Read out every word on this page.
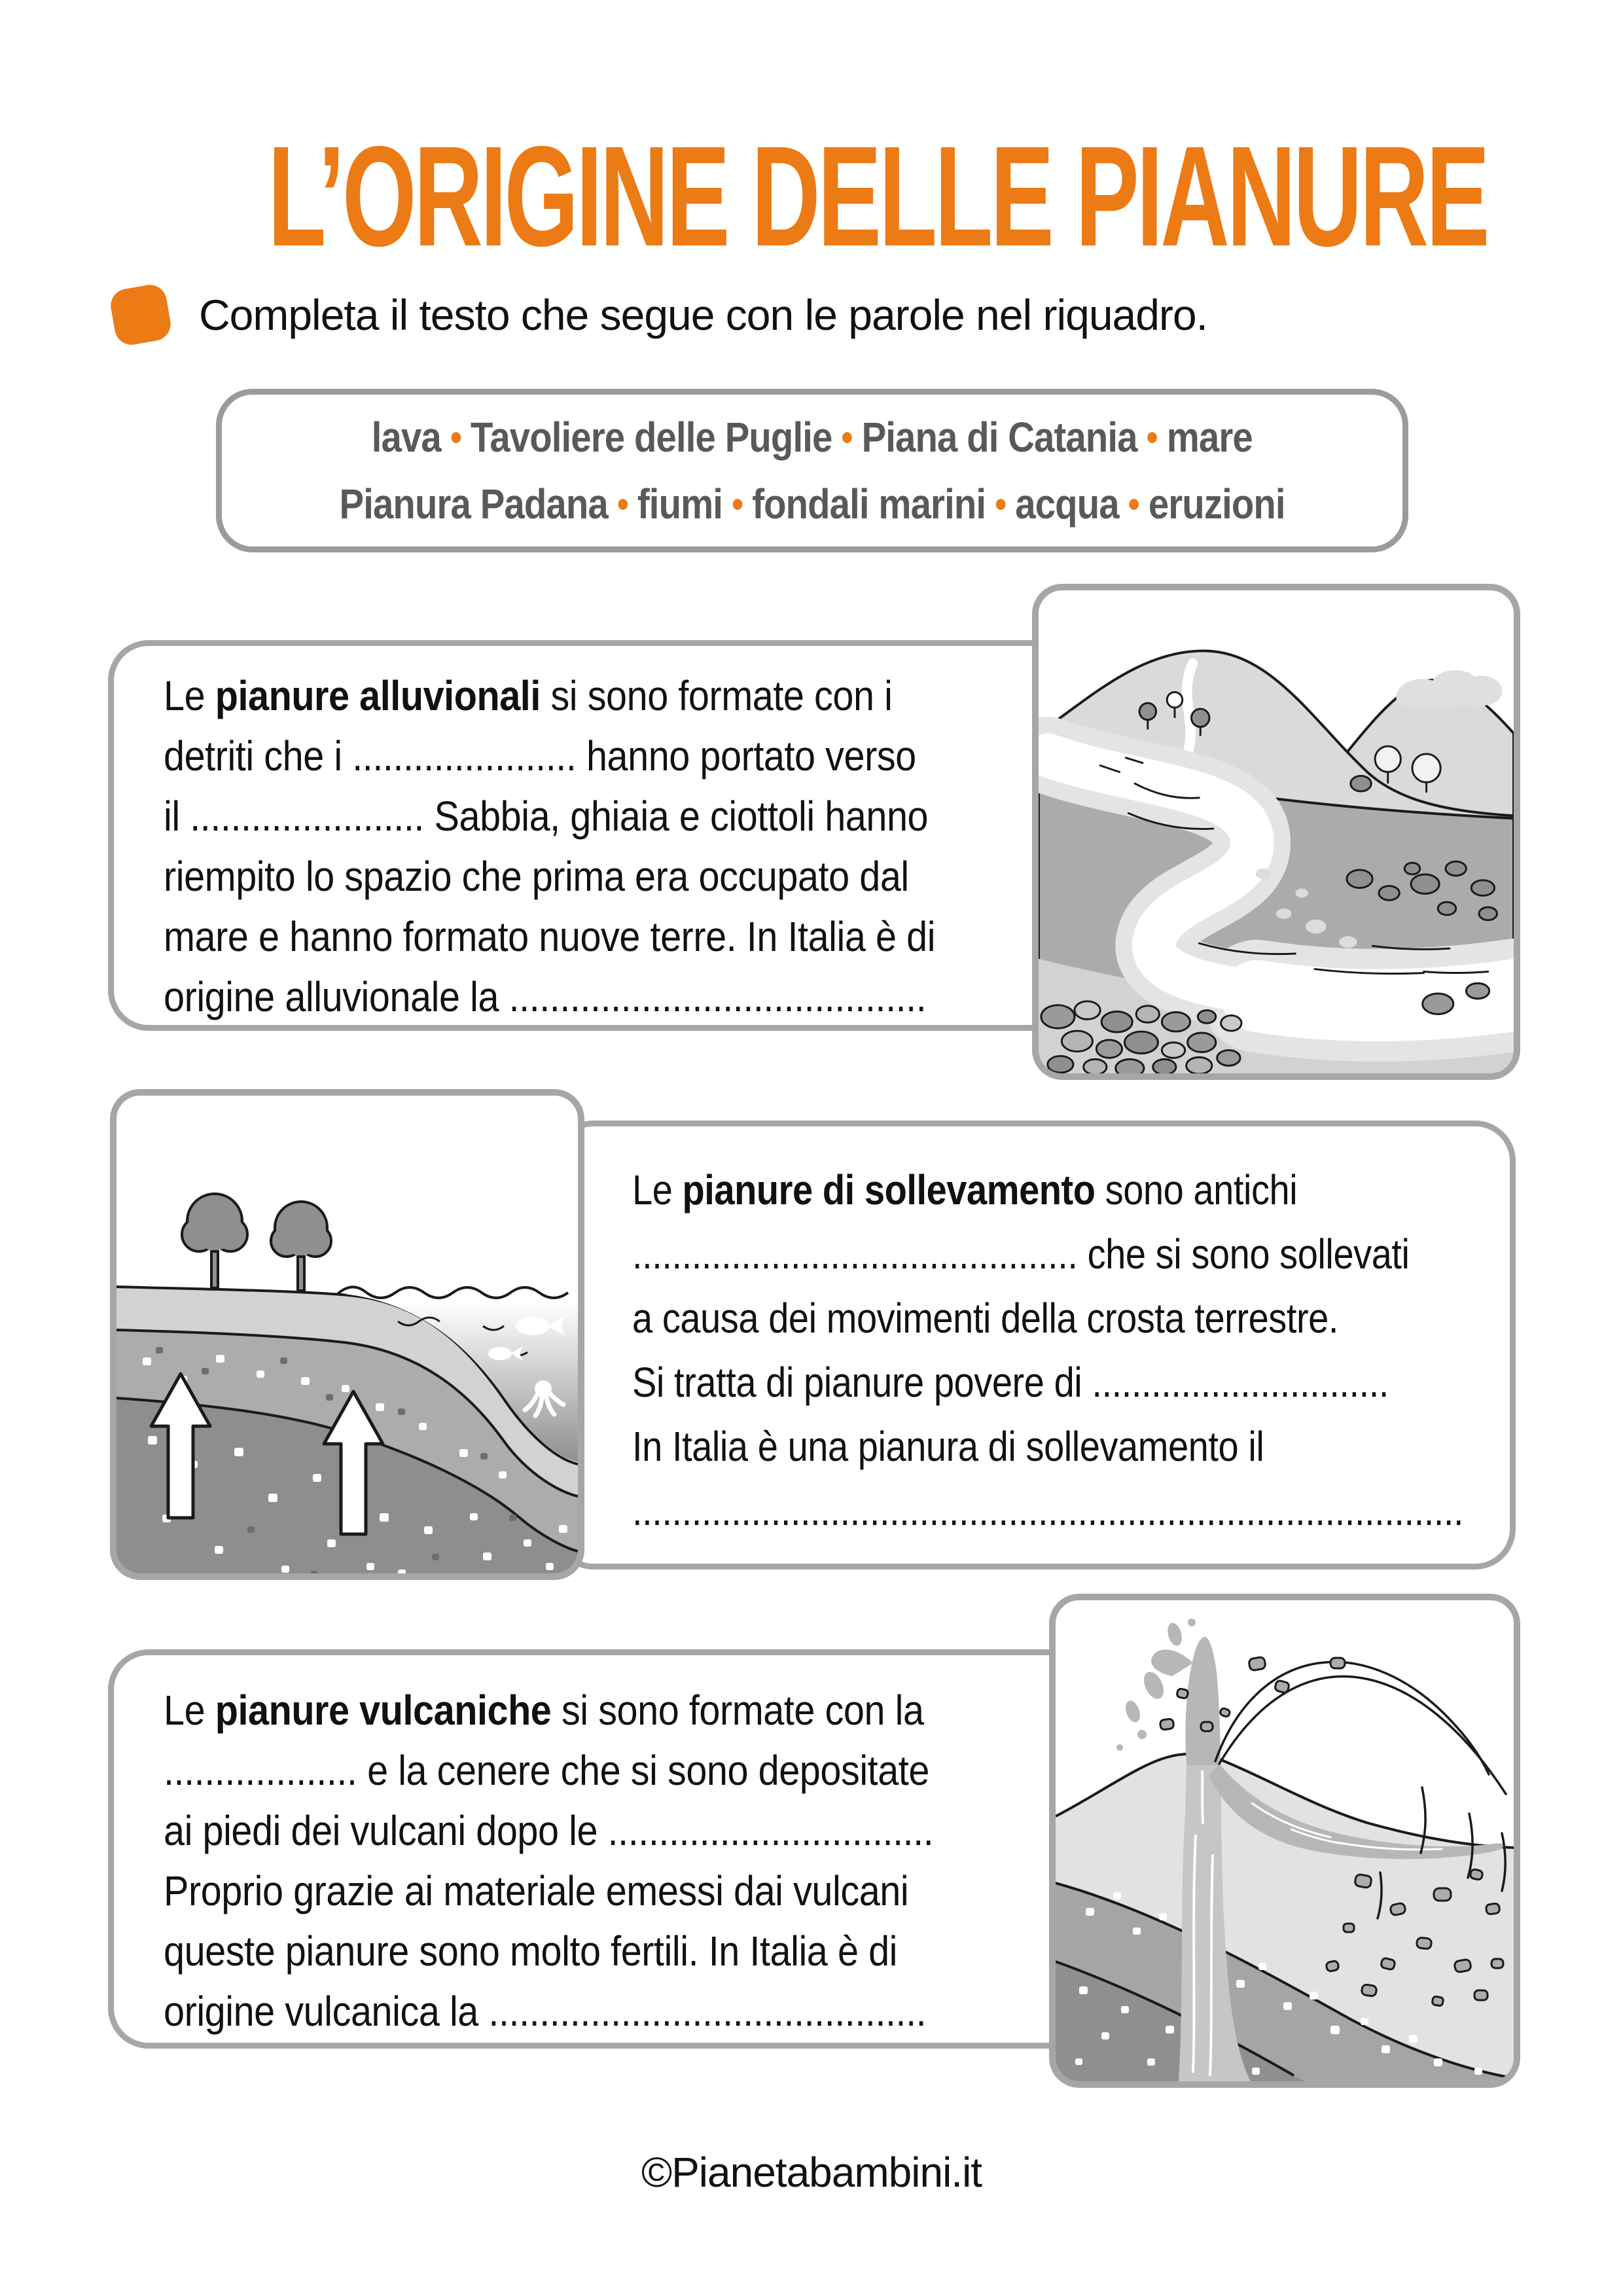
L’ORIGINE DELLE PIANURE
Completa il testo che segue con le parole nel riquadro.
lava • Tavoliere delle Puglie • Piana di Catania • mare
Pianura Padana • fiumi • fondali marini • acqua • eruzioni
Le pianure alluvionali si sono formate con i
detriti che i ...................... hanno portato verso
il ....................... Sabbia, ghiaia e ciottoli hanno
riempito lo spazio che prima era occupato dal
mare e hanno formato nuove terre. In Italia è di
origine alluvionale la .........................................
Le pianure di sollevamento sono antichi
............................................. che si sono sollevati
a causa dei movimenti della crosta terrestre.
Si tratta di pianure povere di ..............................
In Italia è una pianura di sollevamento il
....................................................................................
Le pianure vulcaniche si sono formate con la
................... e la cenere che si sono depositate
ai piedi dei vulcani dopo le ................................
Proprio grazie ai materiale emessi dai vulcani
queste pianure sono molto fertili. In Italia è di
origine vulcanica la ...........................................
©Pianetabambini.it
